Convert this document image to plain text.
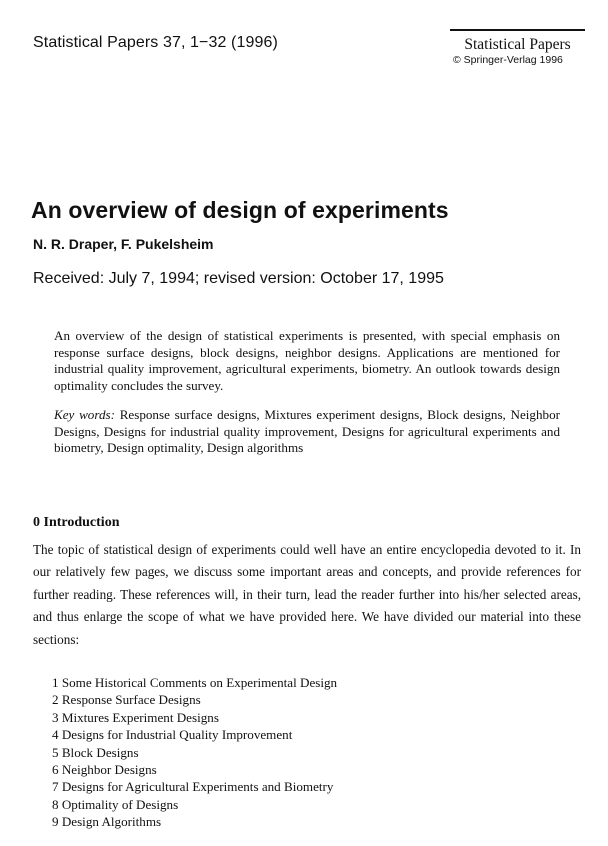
Statistical Papers 37, 1−32 (1996)	Statistical Papers
© Springer-Verlag 1996
An overview of design of experiments
N. R. Draper, F. Pukelsheim
Received: July 7, 1994; revised version: October 17, 1995

An overview of the design of statistical experiments is presented, with special emphasis on response surface designs, block designs, neighbor designs. Applications are mentioned for industrial quality improvement, agricultural experiments, biometry. An outlook towards design optimality concludes the survey.

Key words: Response surface designs, Mixtures experiment designs, Block designs, Neighbor Designs, Designs for industrial quality improvement, Designs for agricultural experiments and biometry, Design optimality, Design algorithms

0 Introduction

The topic of statistical design of experiments could well have an entire encyclopedia devoted to it. In our relatively few pages, we discuss some important areas and concepts, and provide references for further reading. These references will, in their turn, lead the reader further into his/her selected areas, and thus enlarge the scope of what we have provided here. We have divided our material into these sections:

1 Some Historical Comments on Experimental Design
2 Response Surface Designs
3 Mixtures Experiment Designs
4 Designs for Industrial Quality Improvement
5 Block Designs
6 Neighbor Designs
7 Designs for Agricultural Experiments and Biometry
8 Optimality of Designs
9 Design Algorithms
